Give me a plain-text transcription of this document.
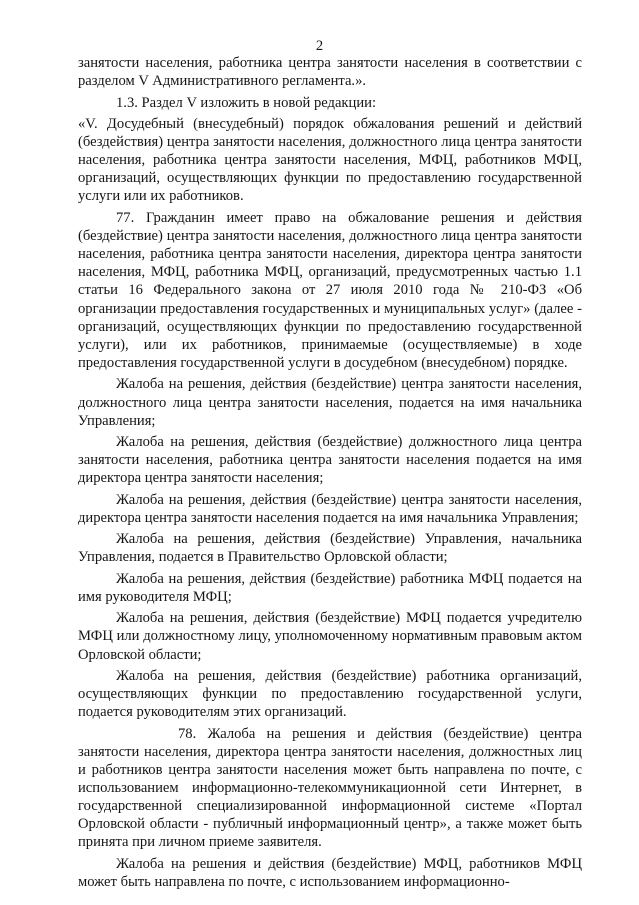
2

занятости населения, работника центра занятости населения в соответствии с разделом V Административного регламента.».

1.3. Раздел V изложить в новой редакции:

«V. Досудебный (внесудебный) порядок обжалования решений и действий (бездействия) центра занятости населения, должностного лица центра занятости населения, работника центра занятости населения, МФЦ, работников МФЦ, организаций, осуществляющих функции по предоставлению государственной услуги или их работников.

77. Гражданин имеет право на обжалование решения и действия (бездействие) центра занятости населения, должностного лица центра занятости населения, работника центра занятости населения, директора центра занятости населения, МФЦ, работника МФЦ, организаций, предусмотренных частью 1.1 статьи 16 Федерального закона от 27 июля 2010 года № 210-ФЗ «Об организации предоставления государственных и муниципальных услуг» (далее - организаций, осуществляющих функции по предоставлению государственной услуги), или их работников, принимаемые (осуществляемые) в ходе предоставления государственной услуги в досудебном (внесудебном) порядке.

Жалоба на решения, действия (бездействие) центра занятости населения, должностного лица центра занятости населения, подается на имя начальника Управления;

Жалоба на решения, действия (бездействие) должностного лица центра занятости населения, работника центра занятости населения подается на имя директора центра занятости населения;

Жалоба на решения, действия (бездействие) центра занятости населения, директора центра занятости населения подается на имя начальника Управления;

Жалоба на решения, действия (бездействие) Управления, начальника Управления, подается в Правительство Орловской области;

Жалоба на решения, действия (бездействие) работника МФЦ подается на имя руководителя МФЦ;

Жалоба на решения, действия (бездействие) МФЦ подается учредителю МФЦ или должностному лицу, уполномоченному нормативным правовым актом Орловской области;

Жалоба на решения, действия (бездействие) работника организаций, осуществляющих функции по предоставлению государственной услуги, подается руководителям этих организаций.

78. Жалоба на решения и действия (бездействие) центра занятости населения, директора центра занятости населения, должностных лиц и работников центра занятости населения может быть направлена по почте, с использованием информационно-телекоммуникационной сети Интернет, в государственной специализированной информационной системе «Портал Орловской области - публичный информационный центр», а также может быть принята при личном приеме заявителя.

Жалоба на решения и действия (бездействие) МФЦ, работников МФЦ может быть направлена по почте, с использованием информационно-
